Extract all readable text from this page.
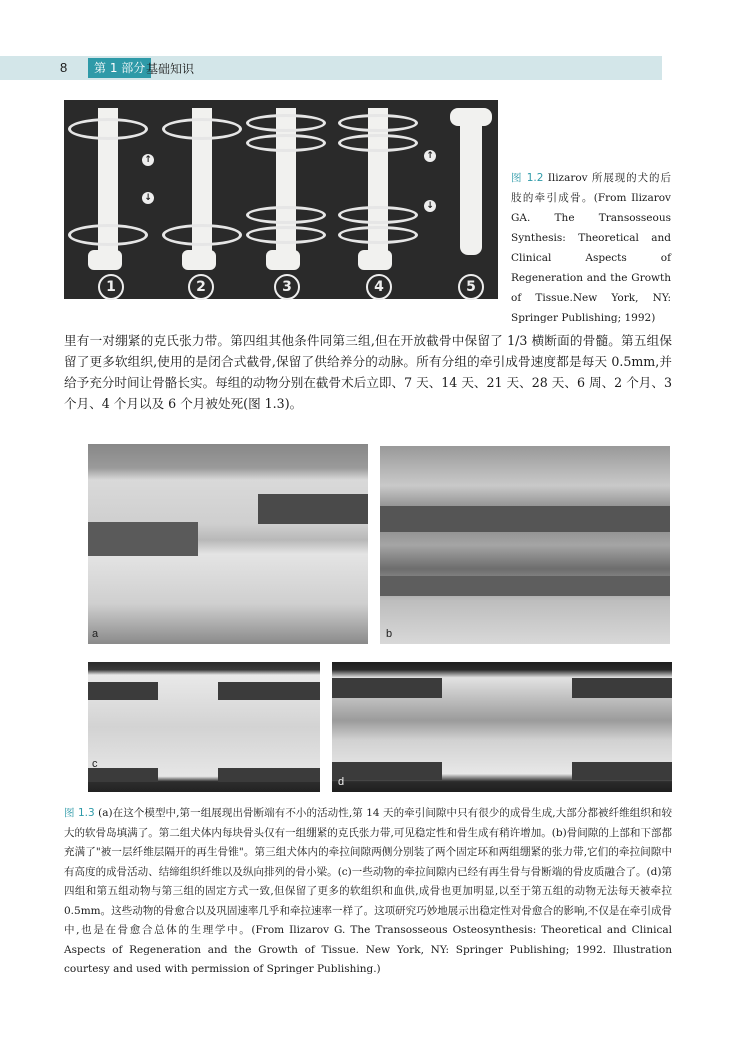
8	第 1 部分 基础知识
1
↑
↓
2	3	4
↑
↓
5
图 1.2 Ilizarov 所展现的犬的后肢的牵引成骨。(From Ilizarov GA. The Transosseous Synthesis: Theoretical and Clinical Aspects of Regeneration and the Growth of Tissue.New York, NY: Springer Publishing; 1992)
里有一对绷紧的克氏张力带。第四组其他条件同第三组,但在开放截骨中保留了 1/3 横断面的骨髓。第五组保留了更多软组织,使用的是闭合式截骨,保留了供给养分的动脉。所有分组的牵引成骨速度都是每天 0.5mm,并给予充分时间让骨骼长实。每组的动物分别在截骨术后立即、7 天、14 天、21 天、28 天、6 周、2 个月、3 个月、4 个月以及 6 个月被处死(图 1.3)。
a	b
c
d
图 1.3 (a)在这个模型中,第一组展现出骨断端有不小的活动性,第 14 天的牵引间隙中只有很少的成骨生成,大部分都被纤维组织和较大的软骨岛填满了。第二组犬体内每块骨头仅有一组绷紧的克氏张力带,可见稳定性和骨生成有稍许增加。(b)骨间隙的上部和下部都充满了"被一层纤维层隔开的再生骨锥"。第三组犬体内的牵拉间隙两侧分别装了两个固定环和两组绷紧的张力带,它们的牵拉间隙中有高度的成骨活动、结缔组织纤维以及纵向排列的骨小梁。(c)一些动物的牵拉间隙内已经有再生骨与骨断端的骨皮质融合了。(d)第四组和第五组动物与第三组的固定方式一致,但保留了更多的软组织和血供,成骨也更加明显,以至于第五组的动物无法每天被牵拉 0.5mm。这些动物的骨愈合以及巩固速率几乎和牵拉速率一样了。这项研究巧妙地展示出稳定性对骨愈合的影响,不仅是在牵引成骨中,也是在骨愈合总体的生理学中。(From Ilizarov G. The Transosseous Osteosynthesis: Theoretical and Clinical Aspects of Regeneration and the Growth of Tissue. New York, NY: Springer Publishing; 1992. Illustration courtesy and used with permission of Springer Publishing.)
